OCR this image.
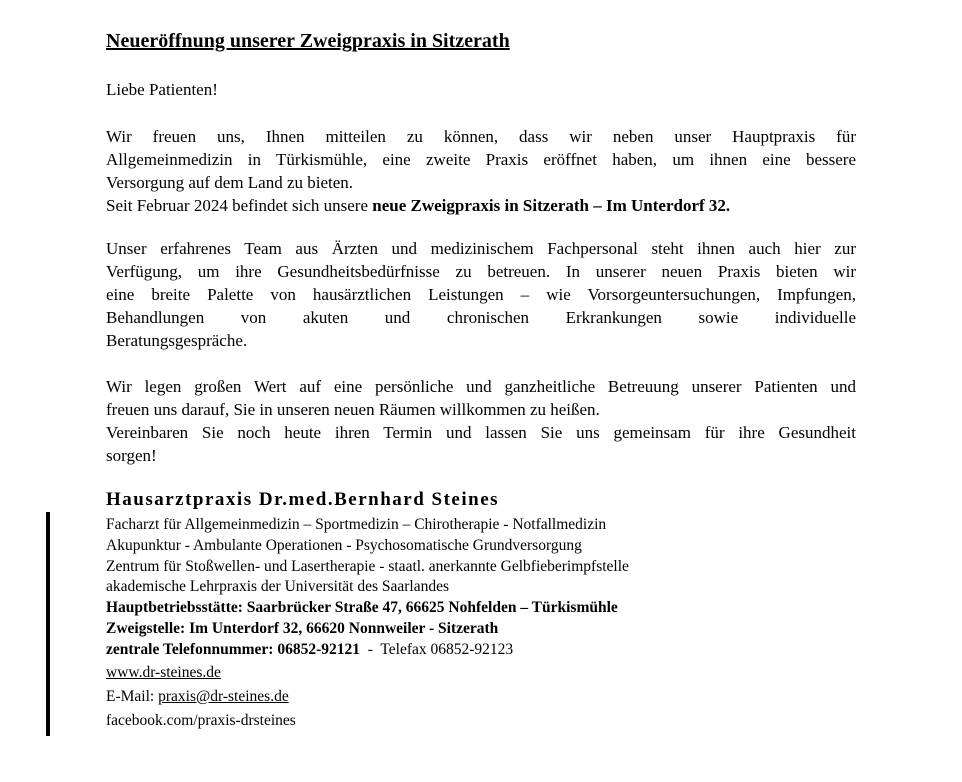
Neueröffnung unserer Zweigpraxis in Sitzerath

Liebe Patienten!

Wir freuen uns, Ihnen mitteilen zu können, dass wir neben unser Hauptpraxis für
Allgemeinmedizin in Türkismühle, eine zweite Praxis eröffnet haben, um ihnen eine bessere
Versorgung auf dem Land zu bieten.
Seit Februar 2024 befindet sich unsere neue Zweigpraxis in Sitzerath – Im Unterdorf 32.

Unser erfahrenes Team aus Ärzten und medizinischem Fachpersonal steht ihnen auch hier zur
Verfügung, um ihre Gesundheitsbedürfnisse zu betreuen. In unserer neuen Praxis bieten wir
eine breite Palette von hausärztlichen Leistungen – wie Vorsorgeuntersuchungen, Impfungen,
Behandlungen von akuten und chronischen Erkrankungen sowie individuelle
Beratungsgespräche.

Wir legen großen Wert auf eine persönliche und ganzheitliche Betreuung unserer Patienten und
freuen uns darauf, Sie in unseren neuen Räumen willkommen zu heißen.
Vereinbaren Sie noch heute ihren Termin und lassen Sie uns gemeinsam für ihre Gesundheit
sorgen!

Hausarztpraxis Dr.med.Bernhard Steines

Facharzt für Allgemeinmedizin – Sportmedizin – Chirotherapie - Notfallmedizin

Akupunktur - Ambulante Operationen - Psychosomatische Grundversorgung

Zentrum für Stoßwellen- und Lasertherapie - staatl. anerkannte Gelbfieberimpfstelle

akademische Lehrpraxis der Universität des Saarlandes

Hauptbetriebsstätte: Saarbrücker Straße 47, 66625 Nohfelden – Türkismühle

Zweigstelle: Im Unterdorf 32, 66620 Nonnweiler - Sitzerath

zentrale Telefonnummer: 06852-92121  -  Telefax 06852-92123

www.dr-steines.de

E-Mail: praxis@dr-steines.de

facebook.com/praxis-drsteines
